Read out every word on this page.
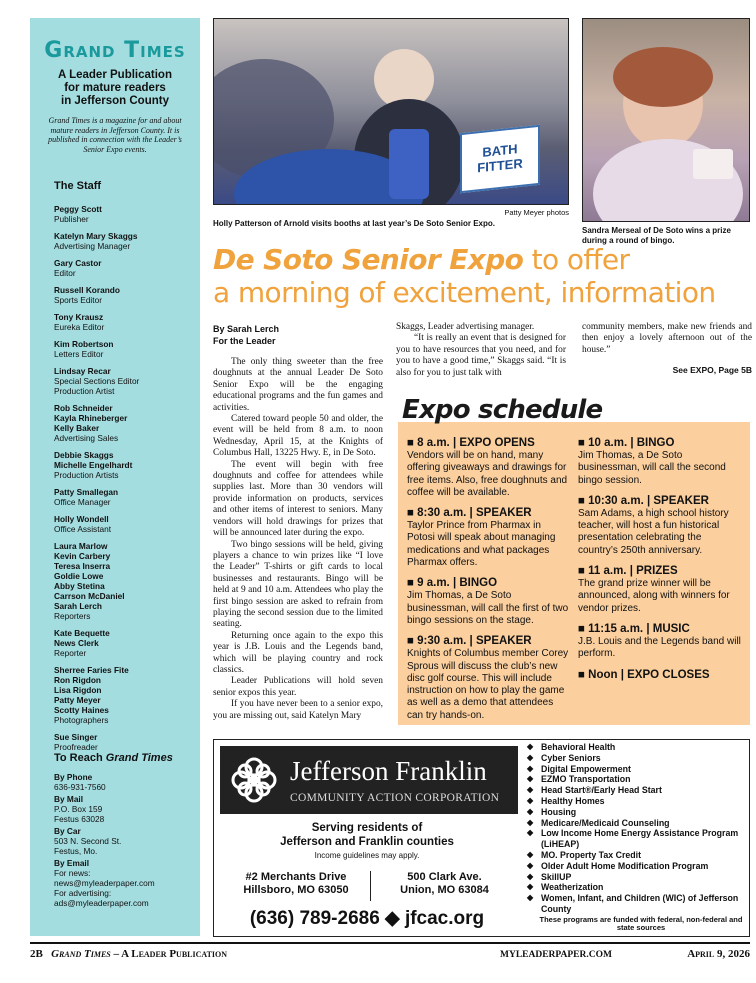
Grand Times
A Leader Publication
for mature readers
in Jefferson County
Grand Times is a magazine for and about mature readers in Jefferson County. It is published in connection with the Leader’s Senior Expo events.
The Staff
Peggy Scott
Publisher
Katelyn Mary Skaggs
Advertising Manager
Gary Castor
Editor
Russell Korando
Sports Editor
Tony Krausz
Eureka Editor
Kim Robertson
Letters Editor
Lindsay Recar
Special Sections Editor
Production Artist
Rob Schneider
Kayla Rhineberger
Kelly Baker
Advertising Sales
Debbie Skaggs
Michelle Engelhardt
Production Artists
Patty Smallegan
Office Manager
Holly Wondell
Office Assistant
Laura Marlow
Kevin Carbery
Teresa Inserra
Goldie Lowe
Abby Stetina
Carrson McDaniel
Sarah Lerch
Reporters
Kate Bequette
News Clerk
Reporter
Sherree Faries Fite
Ron Rigdon
Lisa Rigdon
Patty Meyer
Scotty Haines
Photographers
Sue Singer
Proofreader
To Reach Grand Times
By Phone
636-931-7560
By Mail
P.O. Box 159
Festus 63028
By Car
503 N. Second St.
Festus, Mo.
By Email
For news:
news@myleaderpaper.com
For advertising:
ads@myleaderpaper.com
BATH
FITTER
Patty Meyer photos
Holly Patterson of Arnold visits booths at last year’s De Soto Senior Expo.
Sandra Merseal of De Soto wins a prize during a round of bingo.
De Soto Senior Expo to offer
a morning of excitement, information
By Sarah Lerch
For the Leader

The only thing sweeter than the free doughnuts at the annual Leader De Soto Senior Expo will be the engaging educational programs and the fun games and activities.

Catered toward people 50 and older, the event will be held from 8 a.m. to noon Wednesday, April 15, at the Knights of Columbus Hall, 13225 Hwy. E, in De Soto.

The event will begin with free doughnuts and coffee for attendees while supplies last. More than 30 vendors will provide information on products, services and other items of interest to seniors. Many vendors will hold drawings for prizes that will be announced later during the expo.

Two bingo sessions will be held, giving players a chance to win prizes like “I love the Leader” T-shirts or gift cards to local businesses and restaurants. Bingo will be held at 9 and 10 a.m. Attendees who play the first bingo session are asked to refrain from playing the second session due to the limited seating.

Returning once again to the expo this year is J.B. Louis and the Legends band, which will be playing country and rock classics.

Leader Publications will hold seven senior expos this year.

If you have never been to a senior expo, you are missing out, said Katelyn Mary

Skaggs, Leader advertising manager.

“It is really an event that is designed for you to have resources that you need, and for you to have a good time,” Skaggs said. “It is also for you to just talk with

community members, make new friends and then enjoy a lovely afternoon out of the house.”

See EXPO, Page 5B
Expo schedule
■ 8 a.m. | EXPO OPENS
Vendors will be on hand, many offering giveaways and drawings for free items. Also, free doughnuts and coffee will be available.
■ 8:30 a.m. | SPEAKER
Taylor Prince from Pharmax in Potosi will speak about managing medications and what packages Pharmax offers.
■ 9 a.m. | BINGO
Jim Thomas, a De Soto businessman, will call the first of two bingo sessions on the stage.
■ 9:30 a.m. | SPEAKER
Knights of Columbus member Corey Sprous will discuss the club’s new disc golf course. This will include instruction on how to play the game as well as a demo that attendees can try hands-on.
■ 10 a.m. | BINGO
Jim Thomas, a De Soto businessman, will call the second bingo session.
■ 10:30 a.m. | SPEAKER
Sam Adams, a high school history teacher, will host a fun historical presentation celebrating the country’s 250th anniversary.
■ 11 a.m. | PRIZES
The grand prize winner will be announced, along with winners for vendor prizes.
■ 11:15 a.m. | MUSIC
J.B. Louis and the Legends band will perform.
■ Noon | EXPO CLOSES
Jefferson Franklin
COMMUNITY ACTION CORPORATION
Serving residents of
Jefferson and Franklin counties
Income guidelines may apply.
#2 Merchants Drive
Hillsboro, MO 63050
500 Clark Ave.
Union, MO 63084
(636) 789-2686 ◆ jfcac.org
◆ Behavioral Health
◆ Cyber Seniors
◆ Digital Empowerment
◆ EZMO Transportation
◆ Head Start®/Early Head Start
◆ Healthy Homes
◆ Housing
◆ Medicare/Medicaid Counseling
◆ Low Income Home Energy Assistance Program (LiHEAP)
◆ MO. Property Tax Credit
◆ Older Adult Home Modification Program
◆ SkillUP
◆ Weatherization
◆ Women, Infant, and Children (WIC) of Jefferson County
These programs are funded with federal, non-federal and state sources
2B Grand Times – A Leader Publication	MYLEADERPAPER.COM	April 9, 2026
